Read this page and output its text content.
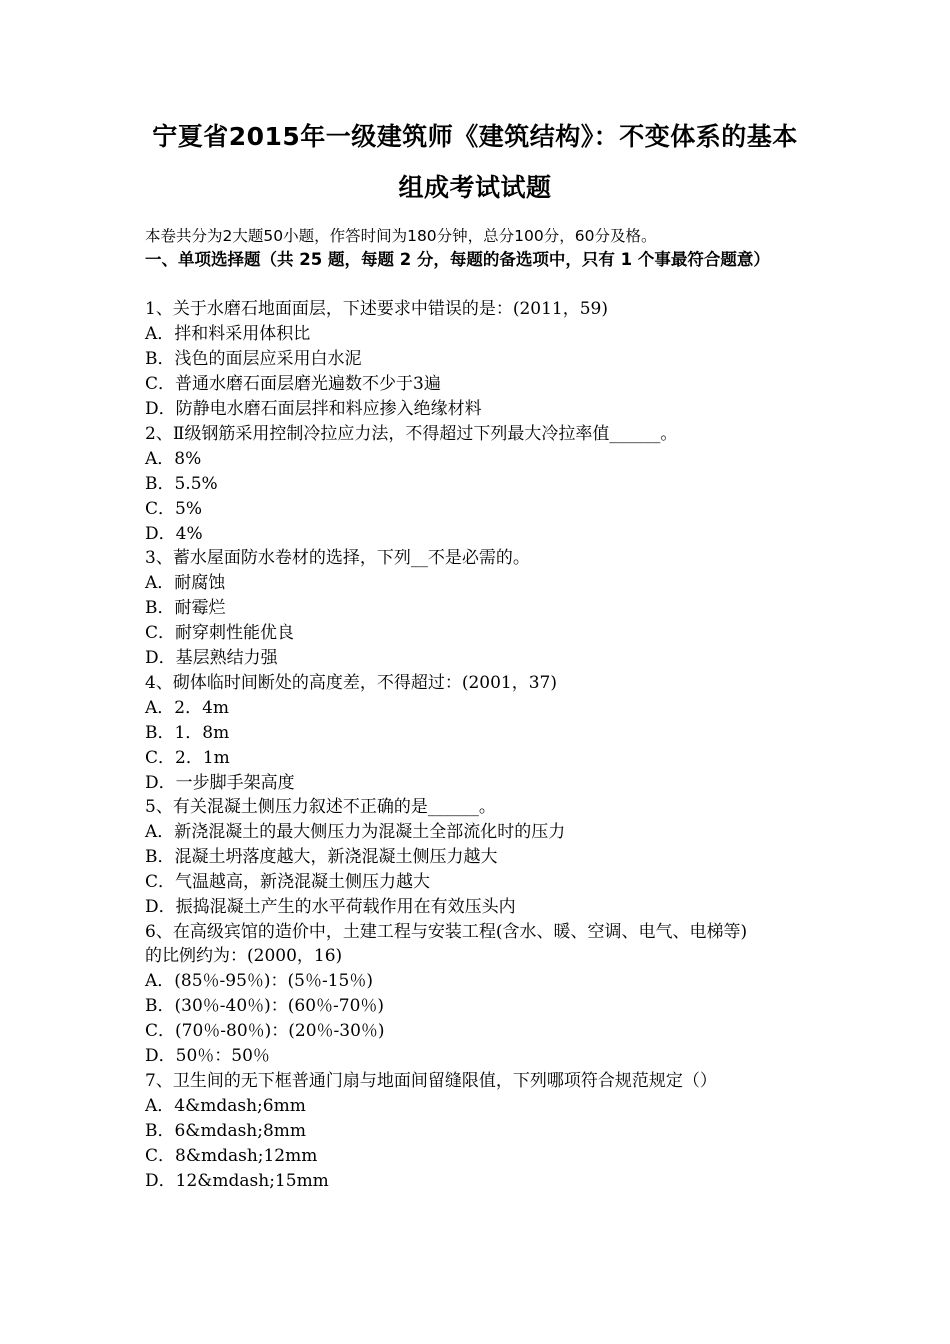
宁夏省2015年一级建筑师《建筑结构》：不变体系的基本
组成考试试题
本卷共分为2大题50小题，作答时间为180分钟，总分100分，60分及格。
一、单项选择题（共 25 题，每题 2 分，每题的备选项中，只有 1 个事最符合题意）
1、关于水磨石地面面层，下述要求中错误的是：(2011，59)
A．拌和料采用体积比
B．浅色的面层应采用白水泥
C．普通水磨石面层磨光遍数不少于3遍
D．防静电水磨石面层拌和料应掺入绝缘材料
2、Ⅱ级钢筋采用控制冷拉应力法，不得超过下列最大冷拉率值______。
A．8%
B．5.5%
C．5%
D．4%
3、蓄水屋面防水卷材的选择，下列__不是必需的。
A．耐腐蚀
B．耐霉烂
C．耐穿刺性能优良
D．基层熟结力强
4、砌体临时间断处的高度差，不得超过：(2001，37)
A．2．4m
B．1．8m
C．2．1m
D．一步脚手架高度
5、有关混凝土侧压力叙述不正确的是______。
A．新浇混凝土的最大侧压力为混凝土全部流化时的压力
B．混凝土坍落度越大，新浇混凝土侧压力越大
C．气温越高，新浇混凝土侧压力越大
D．振捣混凝土产生的水平荷载作用在有效压头内
6、在高级宾馆的造价中，土建工程与安装工程(含水、暖、空调、电气、电梯等)
的比例约为：(2000，16)
A．(85％-95％)：(5％-15％)
B．(30％-40％)：(60％-70％)
C．(70％-80％)：(20％-30％)
D．50％：50％
7、卫生间的无下框普通门扇与地面间留缝限值，下列哪项符合规范规定（）
A．4&mdash;6mm
B．6&mdash;8mm
C．8&mdash;12mm
D．12&mdash;15mm
